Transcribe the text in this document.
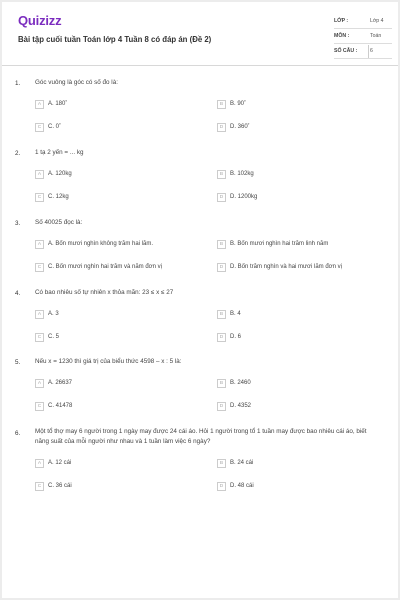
Quizizz
Bài tập cuối tuần Toán lớp 4 Tuần 8 có đáp án (Đề 2)
LỚP :	Lớp 4
MÔN :	Toán
SỐ CÂU : 6
1. Góc vuông là góc có số đo là:
A	A. 180˚	B	B. 90˚
C	C. 0˚	D	D. 360˚
2. 1 tạ 2 yến = ... kg
A	A. 120kg	B	B. 102kg
C	C. 12kg	D	D. 1200kg
3. Số 40025 đọc là:
A	A. Bốn mươi nghìn không trăm hai lăm.	B	B. Bốn mươi nghìn hai trăm linh năm
C	C. Bốn mươi nghìn hai trăm và năm đơn vị	D	D. Bốn trăm nghìn và hai mươi lăm đơn vị
4. Có bao nhiêu số tự nhiên x thỏa mãn: 23 ≤ x ≤ 27
A	A. 3	B	B. 4
C	C. 5	D	D. 6
5. Nếu x = 1230 thì giá trị của biểu thức 4598 – x : 5 là:
A	A. 26637	B	B. 2460
C	C. 41478	D	D. 4352
6. Một tổ thợ may 6 người trong 1 ngày may được 24 cái áo. Hỏi 1 người trong tổ 1 tuần may được bao nhiêu cái áo, biết năng suất của mỗi người như nhau và 1 tuần làm việc 6 ngày?
A	A. 12 cái	B	B. 24 cái
C	C. 36 cái	D	D. 48 cái
